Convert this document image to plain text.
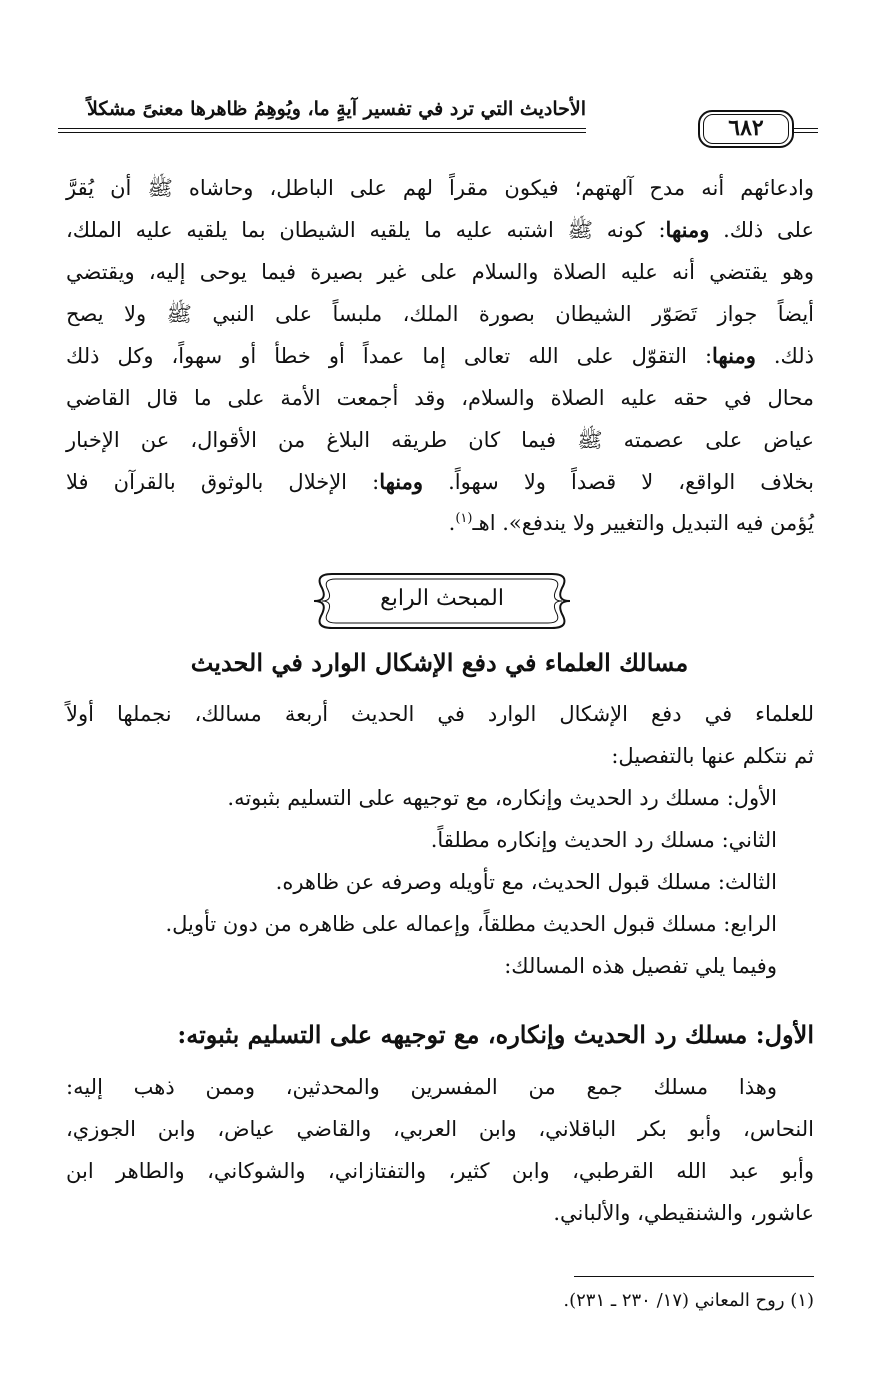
الأحاديث التي ترد في تفسير آيةٍ ما، ويُوهِمُ ظاهرها معنىً مشكلاً
٦٨٢
وادعائهم أنه مدح آلهتهم؛ فيكون مقراً لهم على الباطل، وحاشاه ﷺ أن يُقرَّ
على ذلك. ومنها: كونه ﷺ اشتبه عليه ما يلقيه الشيطان بما يلقيه عليه الملك،
وهو يقتضي أنه عليه الصلاة والسلام على غير بصيرة فيما يوحى إليه، ويقتضي
أيضاً جواز تَصَوّر الشيطان بصورة الملك، ملبساً على النبي ﷺ ولا يصح
ذلك. ومنها: التقوّل على الله تعالى إما عمداً أو خطأ أو سهواً، وكل ذلك
محال في حقه عليه الصلاة والسلام، وقد أجمعت الأمة على ما قال القاضي
عياض على عصمته ﷺ فيما كان طريقه البلاغ من الأقوال، عن الإخبار
بخلاف الواقع، لا قصداً ولا سهواً. ومنها: الإخلال بالوثوق بالقرآن فلا
يُؤمن فيه التبديل والتغيير ولا يندفع». اهـ$^{(١)}$.
المبحث الرابع
مسالك العلماء في دفع الإشكال الوارد في الحديث
للعلماء في دفع الإشكال الوارد في الحديث أربعة مسالك، نجملها أولاً
ثم نتكلم عنها بالتفصيل:
الأول: مسلك رد الحديث وإنكاره، مع توجيهه على التسليم بثبوته.
الثاني: مسلك رد الحديث وإنكاره مطلقاً.
الثالث: مسلك قبول الحديث، مع تأويله وصرفه عن ظاهره.
الرابع: مسلك قبول الحديث مطلقاً، وإعماله على ظاهره من دون تأويل.
وفيما يلي تفصيل هذه المسالك:
الأول: مسلك رد الحديث وإنكاره، مع توجيهه على التسليم بثبوته:
وهذا مسلك جمع من المفسرين والمحدثين، وممن ذهب إليه:
النحاس، وأبو بكر الباقلاني، وابن العربي، والقاضي عياض، وابن الجوزي،
وأبو عبد الله القرطبي، وابن كثير، والتفتازاني، والشوكاني، والطاهر ابن
عاشور، والشنقيطي، والألباني.
(١) روح المعاني (١٧/ ٢٣٠ ـ ٢٣١).
